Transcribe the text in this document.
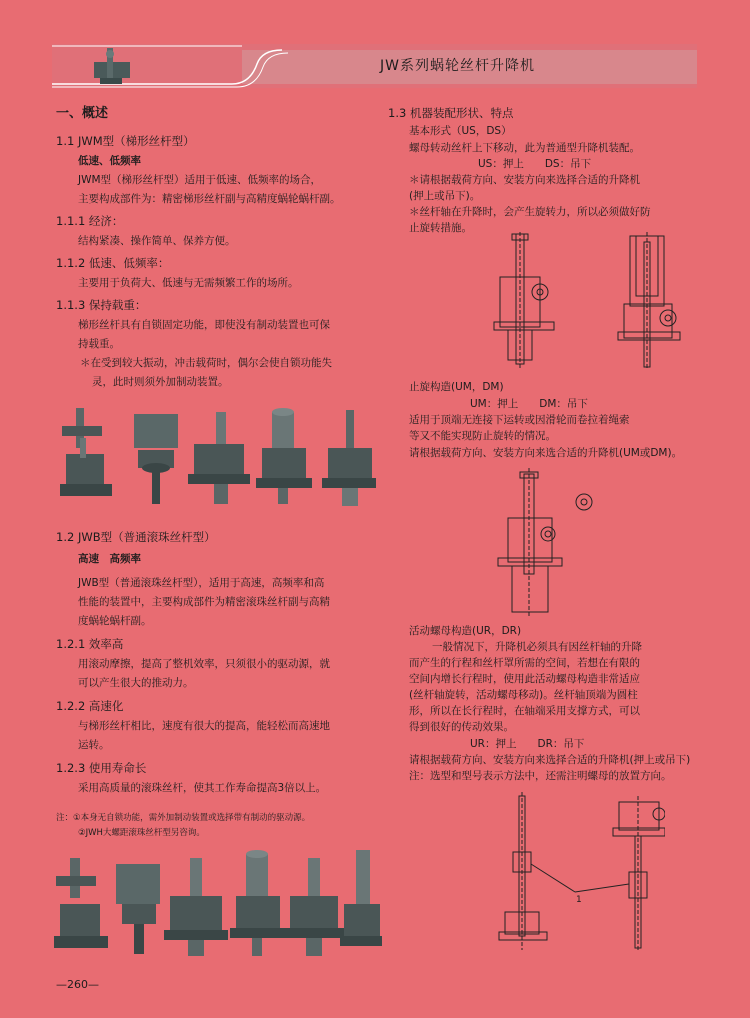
JW系列蜗轮丝杆升降机
一、概述
1.1 JWM型（梯形丝杆型）
低速、低频率
JWM型（梯形丝杆型）适用于低速、低频率的场合，
主要构成部件为：精密梯形丝杆副与高精度蜗轮蜗杆副。
1.1.1 经济：
结构紧凑、操作简单、保养方便。
1.1.2 低速、低频率：
主要用于负荷大、低速与无需频繁工作的场所。
1.1.3 保持载重：
梯形丝杆具有自锁固定功能，即使没有制动装置也可保
持载重。
＊在受到较大振动，冲击载荷时，偶尔会使自锁功能失
灵，此时则须外加制动装置。
1.2 JWB型（普通滚珠丝杆型）
高速　高频率
JWB型（普通滚珠丝杆型），适用于高速，高频率和高
性能的装置中，主要构成部件为精密滚珠丝杆副与高精
度蜗轮蜗杆副。
1.2.1 效率高
用滚动摩擦，提高了整机效率，只须很小的驱动源，就
可以产生很大的推动力。
1.2.2 高速化
与梯形丝杆相比，速度有很大的提高，能轻松而高速地
运转。
1.2.3 使用寿命长
采用高质量的滚珠丝杆，使其工作寿命提高3倍以上。
注：①本身无自锁功能，需外加制动装置或选择带有制动的驱动源。
②JWH大螺距滚珠丝杆型另咨询。
—260—
1.3 机器装配形状、特点
基本形式（US，DS）
螺母转动丝杆上下移动，此为普通型升降机装配。
US：押上　　DS：吊下
＊请根据载荷方向、安装方向来选择合适的升降机
(押上或吊下)。
＊丝杆轴在升降时，会产生旋转力，所以必须做好防
止旋转措施。
止旋构造(UM，DM)
UM：押上　　DM：吊下
适用于顶端无连接下运转或因滑轮而卷拉着绳索
等又不能实现防止旋转的情况。
请根据载荷方向、安装方向来选合适的升降机(UM或DM)。
活动螺母构造(UR，DR)
一般情况下，升降机必须具有因丝杆轴的升降
而产生的行程和丝杆罩所需的空间，若想在有限的
空间内增长行程时，使用此活动螺母构造非常适应
(丝杆轴旋转，活动螺母移动)。丝杆轴顶端为圆柱
形，所以在长行程时，在轴端采用支撑方式，可以
得到很好的传动效果。
UR：押上　　DR：吊下
请根据载荷方向、安装方向来选择合适的升降机(押上或吊下)
注：选型和型号表示方法中，还需注明螺母的放置方向。
1
